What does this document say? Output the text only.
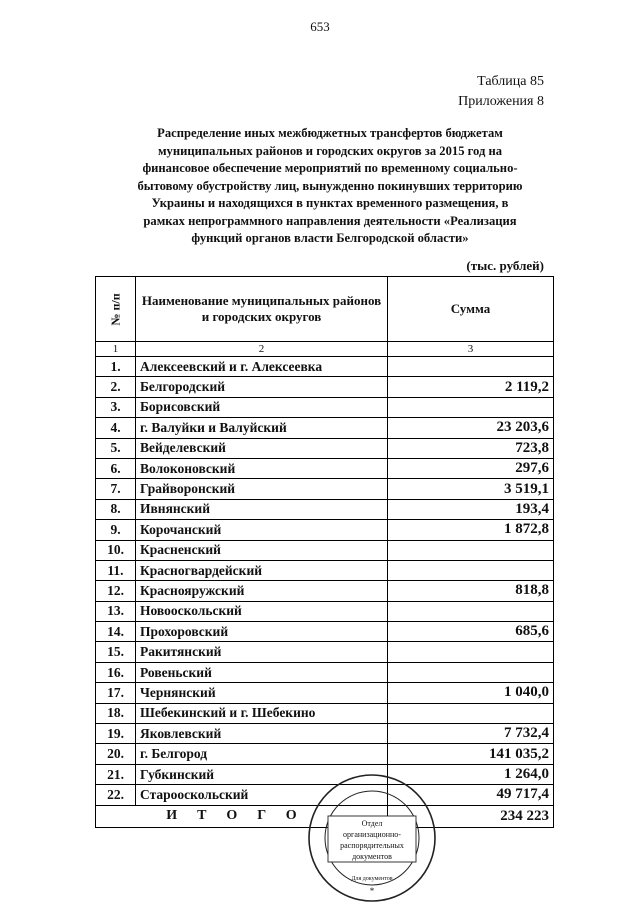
653
Таблица 85
Приложения 8
Распределение иных межбюджетных трансфертов бюджетам
муниципальных районов и городских округов за 2015 год на
финансовое обеспечение мероприятий по временному социально-
бытовому обустройству лиц, вынужденно покинувших территорию
Украины и находящихся в пунктах временного размещения, в
рамках непрограммного направления деятельности «Реализация
функций органов власти Белгородской области»
(тыс. рублей)
№ п/п	Наименование муниципальных районов и городских округов	Сумма
1	2	3
1.	Алексеевский и г. Алексеевка	
2.	Белгородский	2 119,2
3.	Борисовский	
4.	г. Валуйки и Валуйский	23 203,6
5.	Вейделевский	723,8
6.	Волоконовский	297,6
7.	Грайворонский	3 519,1
8.	Ивнянский	193,4
9.	Корочанский	1 872,8
10.	Красненский	
11.	Красногвардейский	
12.	Краснояружский	818,8
13.	Новооскольский	
14.	Прохоровский	685,6
15.	Ракитянский	
16.	Ровеньский	
17.	Чернянский	1 040,0
18.	Шебекинский и г. Шебекино	
19.	Яковлевский	7 732,4
20.	г. Белгород	141 035,2
21.	Губкинский	1 264,0
22.	Старооскольский	49 717,4
ИТОГО		234 223
Отдел
организационно-
распорядительных
документов
Для документов
*
